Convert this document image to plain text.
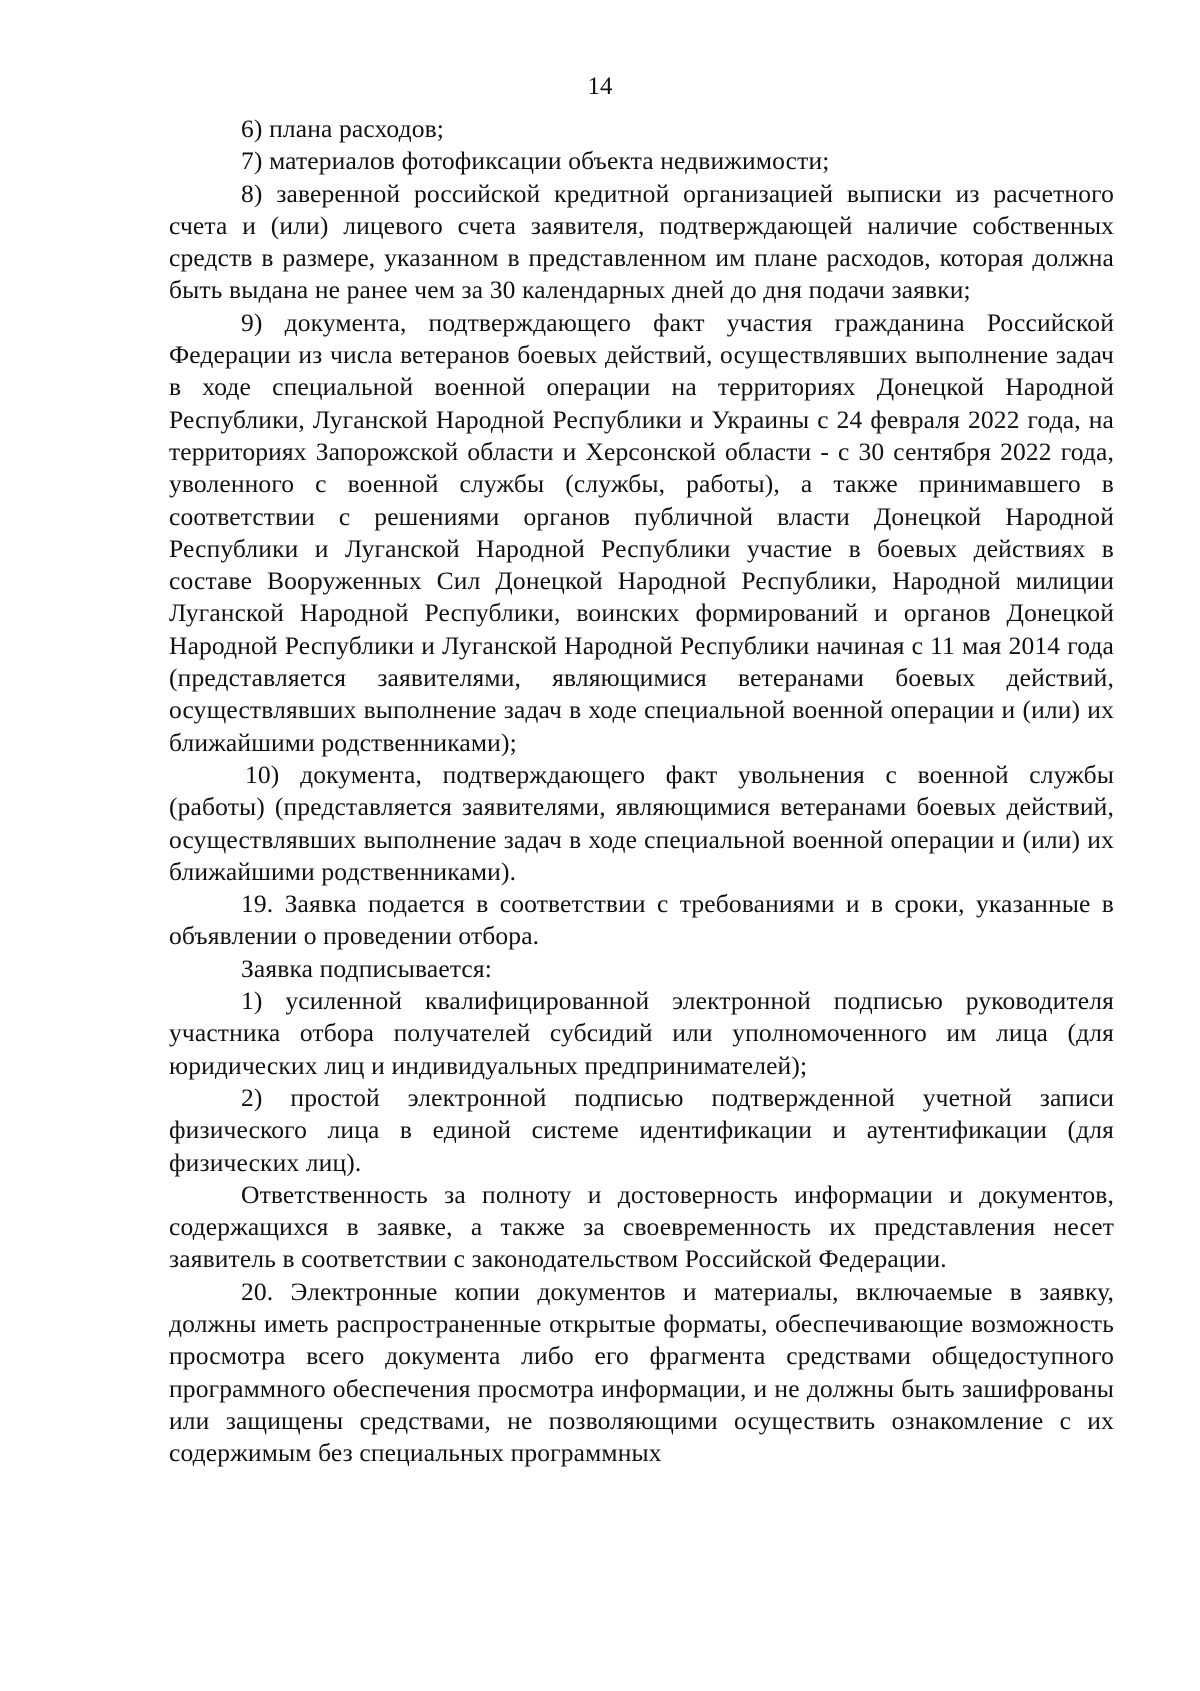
14

6) плана расходов;

7) материалов фотофиксации объекта недвижимости;

8) заверенной российской кредитной организацией выписки из расчетного счета и (или) лицевого счета заявителя, подтверждающей наличие собственных средств в размере, указанном в представленном им плане расходов, которая должна быть выдана не ранее чем за 30 календарных дней до дня подачи заявки;

9) документа, подтверждающего факт участия гражданина Российской Федерации из числа ветеранов боевых действий, осуществлявших выполнение задач в ходе специальной военной операции на территориях Донецкой Народной Республики, Луганской Народной Республики и Украины с 24 февраля 2022 года, на территориях Запорожской области и Херсонской области - с 30 сентября 2022 года, уволенного с военной службы (службы, работы), а также принимавшего в соответствии с решениями органов публичной власти Донецкой Народной Республики и Луганской Народной Республики участие в боевых действиях в составе Вооруженных Сил Донецкой Народной Республики, Народной милиции Луганской Народной Республики, воинских формирований и органов Донецкой Народной Республики и Луганской Народной Республики начиная с 11 мая 2014 года (представляется заявителями, являющимися ветеранами боевых действий, осуществлявших выполнение задач в ходе специальной военной операции и (или) их ближайшими родственниками);

10) документа, подтверждающего факт увольнения с военной службы (работы) (представляется заявителями, являющимися ветеранами боевых действий, осуществлявших выполнение задач в ходе специальной военной операции и (или) их ближайшими родственниками).

19. Заявка подается в соответствии с требованиями и в сроки, указанные в объявлении о проведении отбора.

Заявка подписывается:

1) усиленной квалифицированной электронной подписью руководителя участника отбора получателей субсидий или уполномоченного им лица (для юридических лиц и индивидуальных предпринимателей);

2) простой электронной подписью подтвержденной учетной записи физического лица в единой системе идентификации и аутентификации (для физических лиц).

Ответственность за полноту и достоверность информации и документов, содержащихся в заявке, а также за своевременность их представления несет заявитель в соответствии с законодательством Российской Федерации.

20. Электронные копии документов и материалы, включаемые в заявку, должны иметь распространенные открытые форматы, обеспечивающие возможность просмотра всего документа либо его фрагмента средствами общедоступного программного обеспечения просмотра информации, и не должны быть зашифрованы или защищены средствами, не позволяющими осуществить ознакомление с их содержимым без специальных программных
